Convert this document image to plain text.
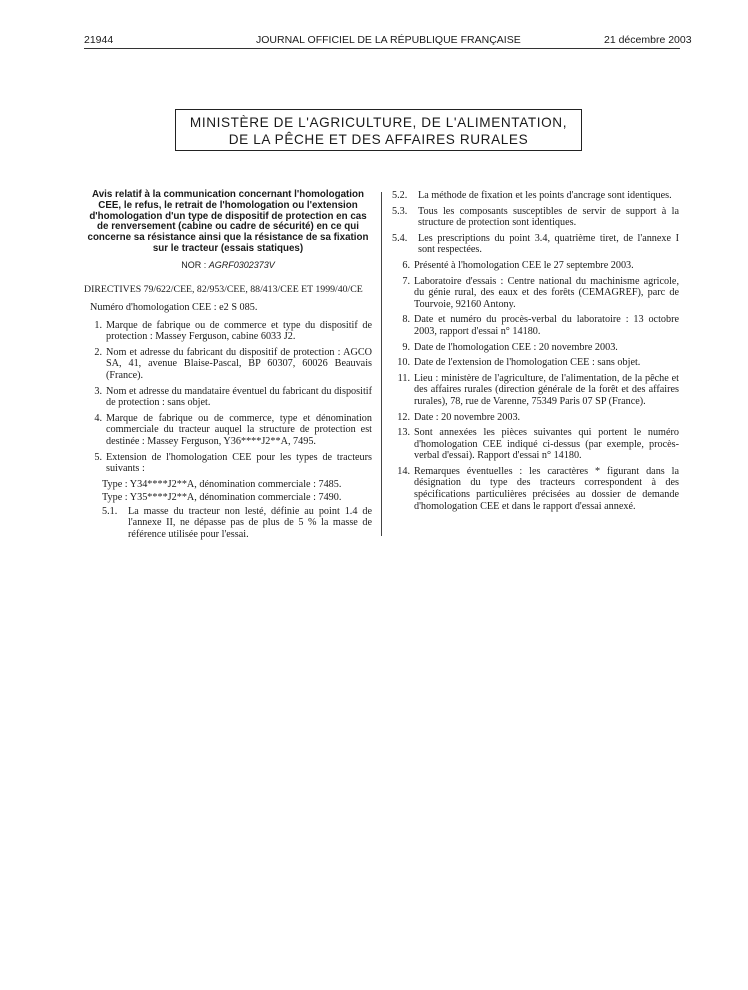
21944	JOURNAL OFFICIEL DE LA RÉPUBLIQUE FRANÇAISE	21 décembre 2003
MINISTÈRE DE L'AGRICULTURE, DE L'ALIMENTATION,
DE LA PÊCHE ET DES AFFAIRES RURALES
Avis relatif à la communication concernant l'homologation CEE, le refus, le retrait de l'homologation ou l'extension d'homologation d'un type de dispositif de protection en cas de renversement (cabine ou cadre de sécurité) en ce qui concerne sa résistance ainsi que la résistance de sa fixation sur le tracteur (essais statiques)
NOR : AGRF0302373V

DIRECTIVES 79/622/CEE, 82/953/CEE, 88/413/CEE ET 1999/40/CE

Numéro d'homologation CEE : e2 S 085.

1. Marque de fabrique ou de commerce et type du dispositif de protection : Massey Ferguson, cabine 6033 J2.
2. Nom et adresse du fabricant du dispositif de protection : AGCO SA, 41, avenue Blaise-Pascal, BP 60307, 60026 Beauvais (France).
3. Nom et adresse du mandataire éventuel du fabricant du dispositif de protection : sans objet.
4. Marque de fabrique ou de commerce, type et dénomination commerciale du tracteur auquel la structure de protection est destinée : Massey Ferguson, Y36****J2**A, 7495.
5. Extension de l'homologation CEE pour les types de tracteurs suivants :
Type : Y34****J2**A, dénomination commerciale : 7485.
Type : Y35****J2**A, dénomination commerciale : 7490.
5.1.	La masse du tracteur non lesté, définie au point 1.4 de l'annexe II, ne dépasse pas de plus de 5 % la masse de référence utilisée pour l'essai.
5.2.	La méthode de fixation et les points d'ancrage sont identiques.
5.3.	Tous les composants susceptibles de servir de support à la structure de protection sont identiques.
5.4.	Les prescriptions du point 3.4, quatrième tiret, de l'annexe I sont respectées.
6. Présenté à l'homologation CEE le 27 septembre 2003.
7. Laboratoire d'essais : Centre national du machinisme agricole, du génie rural, des eaux et des forêts (CEMAGREF), parc de Tourvoie, 92160 Antony.
8. Date et numéro du procès-verbal du laboratoire : 13 octobre 2003, rapport d'essai n° 14180.
9. Date de l'homologation CEE : 20 novembre 2003.
10. Date de l'extension de l'homologation CEE : sans objet.
11. Lieu : ministère de l'agriculture, de l'alimentation, de la pêche et des affaires rurales (direction générale de la forêt et des affaires rurales), 78, rue de Varenne, 75349 Paris 07 SP (France).
12. Date : 20 novembre 2003.
13. Sont annexées les pièces suivantes qui portent le numéro d'homologation CEE indiqué ci-dessus (par exemple, procès-verbal d'essai). Rapport d'essai n° 14180.
14. Remarques éventuelles : les caractères * figurant dans la désignation du type des tracteurs correspondent à des spécifications particulières précisées au dossier de demande d'homologation CEE et dans le rapport d'essai annexé.
